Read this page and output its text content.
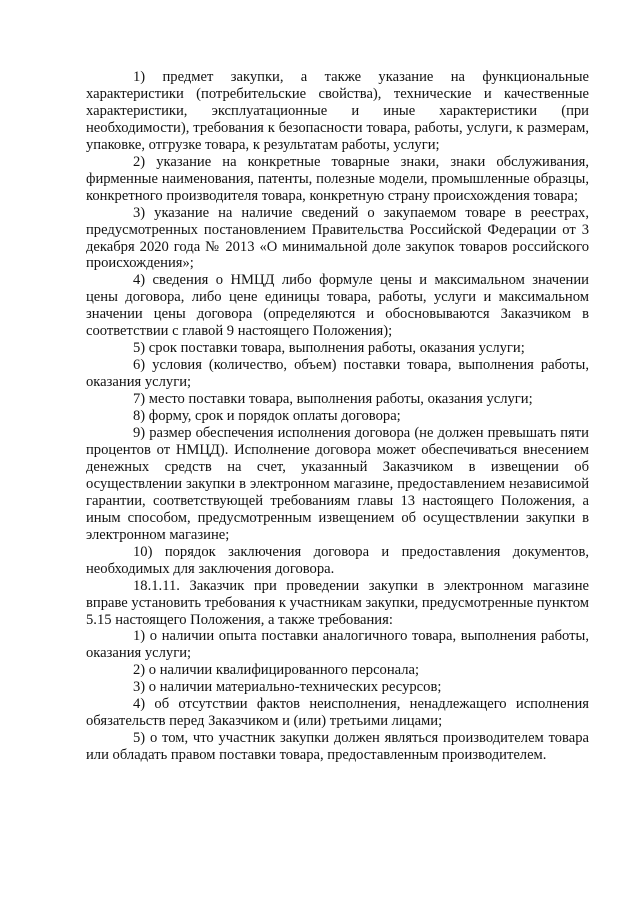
1) предмет закупки, а также указание на функциональные характеристики (потребительские свойства), технические и качественные характеристики, эксплуатационные и иные характеристики (при необходимости), требования к безопасности товара, работы, услуги, к размерам, упаковке, отгрузке товара, к результатам работы, услуги;

2) указание на конкретные товарные знаки, знаки обслуживания, фирменные наименования, патенты, полезные модели, промышленные образцы, конкретного производителя товара, конкретную страну происхождения товара;

3) указание на наличие сведений о закупаемом товаре в реестрах, предусмотренных постановлением Правительства Российской Федерации от 3 декабря 2020 года № 2013 «О минимальной доле закупок товаров российского происхождения»;

4) сведения о НМЦД либо формуле цены и максимальном значении цены договора, либо цене единицы товара, работы, услуги и максимальном значении цены договора (определяются и обосновываются Заказчиком в соответствии с главой 9 настоящего Положения);

5) срок поставки товара, выполнения работы, оказания услуги;

6) условия (количество, объем) поставки товара, выполнения работы, оказания услуги;

7) место поставки товара, выполнения работы, оказания услуги;

8) форму, срок и порядок оплаты договора;

9) размер обеспечения исполнения договора (не должен превышать пяти процентов от НМЦД). Исполнение договора может обеспечиваться внесением денежных средств на счет, указанный Заказчиком в извещении об осуществлении закупки в электронном магазине, предоставлением независимой гарантии, соответствующей требованиям главы 13 настоящего Положения, а иным способом, предусмотренным извещением об осуществлении закупки в электронном магазине;

10) порядок заключения договора и предоставления документов, необходимых для заключения договора.

18.1.11. Заказчик при проведении закупки в электронном магазине вправе установить требования к участникам закупки, предусмотренные пунктом 5.15 настоящего Положения, а также требования:

1) о наличии опыта поставки аналогичного товара, выполнения работы, оказания услуги;

2) о наличии квалифицированного персонала;

3) о наличии материально-технических ресурсов;

4) об отсутствии фактов неисполнения, ненадлежащего исполнения обязательств перед Заказчиком и (или) третьими лицами;

5) о том, что участник закупки должен являться производителем товара или обладать правом поставки товара, предоставленным производителем.
